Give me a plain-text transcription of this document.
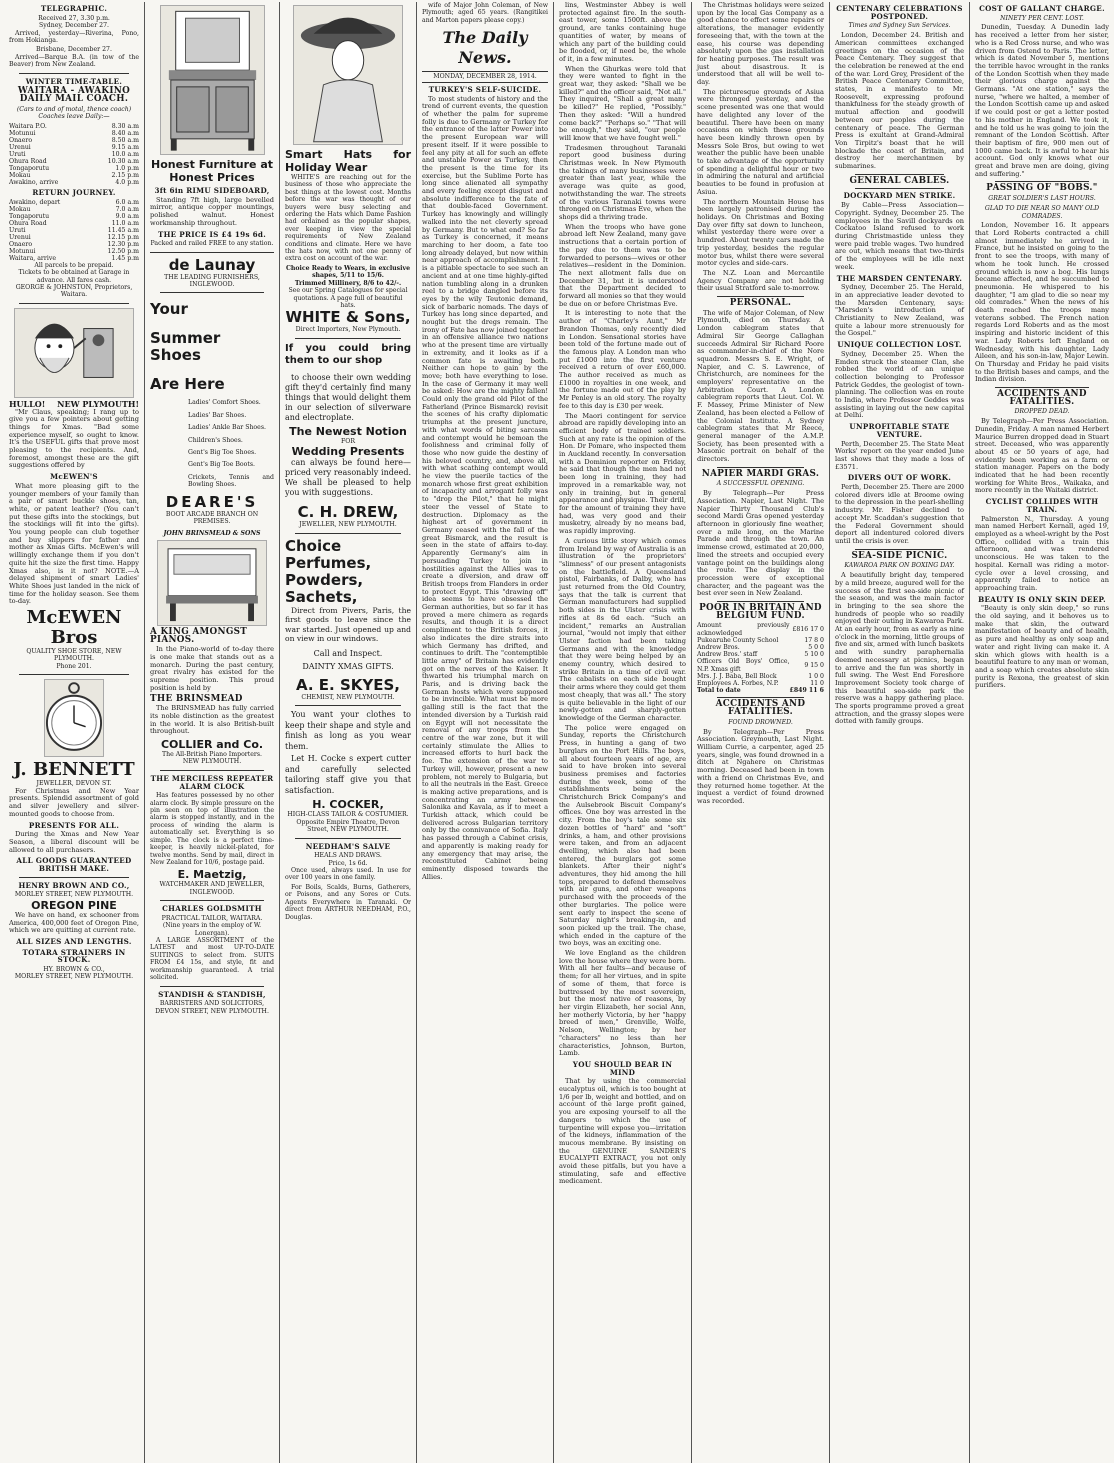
TELEGRAPHIC.
Received 27, 3.30 p.m.
Sydney, December 27.
Arrived, yesterday—Riverina, Pono, from Hokianga.
Brisbane, December 27.
Arrived—Barque B.A. (in tow of the Beaver) from New Zealand.
WINTER TIME-TABLE.
WAITARA - AWAKINO DAILY MAIL COACH.
(Cars to and of motal, thence coach) Coaches leave Daily:—
Waitara P.O.	8.30 a.m
Motunui	8.40 a.m
Onaero	8.50 a.m
Urenui	9.15 a.m
Uruti	10.0 a.m
Ohura Road	10.30 a.m
Tongaporutu	1.0 p.m
Mokau	2.15 p.m
Awakino, arrive	4.0 p.m
RETURN JOURNEY.
Awakino, depart	6.0 a.m
Mokau	7.0 a.m
Tongaporutu	9.0 a.m
Ohura Road	11.0 a.m
Uruti	11.45 a.m
Urenui	12.15 p.m
Onaero	12.30 p.m
Motunui	12.50 p.m
Waitara, arrive	1.45 p.m
All parcels to be prepaid.
Tickets to be obtained at Garage in advance. All fares cash.
GEORGE & JOHNSTON, Proprietors, Waitara.
HULLO! NEW PLYMOUTH!
"Mr Claus, speaking; I rang up to give you a few pointers about getting things for Xmas. "Bad some experience myself, so ought to know. It's the USEFUL gifts that prove most pleasing to the recipients. And, foremost, amongst these are the gift suggestions offered by
McEWEN'S
What more pleasing gift to the younger members of your family than a pair of smart buckle shoes, tan, white, or patent leather? (You can't put these gifts into the stockings, but the stockings will fit into the gifts). You young people can club together and buy slippers for father and mother as Xmas Gifts. McEwen's will willingly exchange them if you don't quite hit the size the first time. Happy Xmas also, is it not? NOTE.—A delayed shipment of smart Ladies' White Shoes just landed in the nick of time for the holiday season. See them to-day.
McEWEN Bros
QUALITY SHOE STORE, NEW PLYMOUTH.
Phone 201.
J. BENNETT
JEWELLER, DEVON ST.
For Christmas and New Year presents. Splendid assortment of gold and silver jewellery and silver-mounted goods to choose from.
PRESENTS FOR ALL.
During the Xmas and New Year Season, a liberal discount will be allowed to all purchasers.
ALL GOODS GUARANTEED BRITISH MAKE.
HENRY BROWN AND CO.,
MORLEY STREET, NEW PLYMOUTH.
OREGON PINE
We have on hand, ex schooner from America, 400,000 feet of Oregon Pine, which we are quitting at current rate.
ALL SIZES AND LENGTHS.
TOTARA STRAINERS IN STOCK.
HY. BROWN & CO.,
MORLEY STREET, NEW PLYMOUTH.
Honest Furniture at Honest Prices
3ft 6in RIMU SIDEBOARD,
Standing 7ft high, large bevelled mirror, antique copper mountings, polished walnut. Honest workmanship throughout.
THE PRICE IS £4 19s 6d.
Packed and railed FREE to any station.
de Launay
THE LEADING FURNISHERS, INGLEWOOD.
Your
Summer Shoes
Are Here
Ladies' Comfort Shoes.
Ladies' Bar Shoes.
Ladies' Ankle Bar Shoes.
Children's Shoes.
Gent's Big Toe Shoes.
Gent's Big Toe Boots.
Crickets, Tennis and Bowling Shoes.
DEARE'S
BOOT ARCADE BRANCH ON PREMISES.
JOHN BRINSMEAD & SONS
A KING AMONGST PIANOS.
In the Piano-world of to-day there is one make that stands out as a monarch. During the past century, great rivalry has existed for the supreme position. This proud position is held by
THE BRINSMEAD
The BRINSMEAD has fully carried its noble distinction as the greatest in the world. It is also British-built throughout.
COLLIER and Co.
The All-British Piano Importers.
NEW PLYMOUTH.
THE MERCILESS REPEATER ALARM CLOCK
Has features possessed by no other alarm clock. By simple pressure on the pin seen on top of illustration the alarm is stopped instantly, and in the process of winding the alarm is automatically set. Everything is so simple. The clock is a perfect time-keeper, is heavily nickel-plated, for twelve months. Send by mail, direct in New Zealand for 10/6, postage paid.
E. Maetzig,
WATCHMAKER AND JEWELLER, INGLEWOOD.
CHARLES GOLDSMITH
PRACTICAL TAILOR, WAITARA.
(Nine years in the employ of W. Lonergan).
A LARGE ASSORTMENT of the LATEST and most UP-TO-DATE SUITINGS to select from. SUITS FROM £4 15s, and style, fit and workmanship guaranteed. A trial solicited.
STANDISH & STANDISH,
BARRISTERS AND SOLICITORS, DEVON STREET, NEW PLYMOUTH.
Smart Hats for Holiday Wear
WHITE'S are reaching out for the business of those who appreciate the best things at the lowest cost. Months before the war was thought of our buyers were busy selecting and ordering the Hats which Dame Fashion had ordained as the popular shapes, ever keeping in view the special requirements of New Zealand conditions and climate. Here we have the hats now, with not one penny of extra cost on account of the war.
Choice Ready to Wears, in exclusive shapes, 5/11 to 15/6.
Trimmed Millinery, 8/6 to 42/-.
See our Spring Catalogues for special quotations. A page full of beautiful hats.
WHITE & Sons,
Direct Importers, New Plymouth.
If you could bring them to our shop
to choose their own wedding gift they'd certainly find many things that would delight them in our selection of silverware and electroplate.
The Newest Notion
FOR
Wedding Presents
can always be found here—priced very reasonably indeed. We shall be pleased to help you with suggestions.
C. H. DREW,
JEWELLER, NEW PLYMOUTH.
Choice Perfumes, Powders, Sachets,
Direct from Pivers, Paris, the first goods to leave since the war started. Just opened up and on view in our windows.
Call and Inspect.
DAINTY XMAS GIFTS.
A. E. SKYES,
CHEMIST, NEW PLYMOUTH.
You want your clothes to keep their shape and style and finish as long as you wear them.
Let H. Cocke s expert cutter and carefully selected tailoring staff give you that satisfaction.
H. COCKER,
HIGH-CLASS TAILOR & COSTUMIER. Opposite Empire Theatre, Devon Street, NEW PLYMOUTH.
NEEDHAM'S SALVE
HEALS AND DRAWS.
Price, 1s 6d.
Once used, always used. In use for over 100 years in one family.
For Boils, Scalds, Burns, Gatherers, or Poisons, and any Sores or Cuts. Agents Everywhere in Taranaki. Or direct from ARTHUR NEEDHAM, P.O., Douglas.
wife of Major John Coleman, of New Plymouth; aged 65 years. (Rangitikei and Marton papers please copy.)
The Daily News.
MONDAY, DECEMBER 28, 1914.
TURKEY'S SELF-SUICIDE.
To most students of history and the trend of current events, the question of whether the palm for supreme folly is due to Germany or Turkey for the entrance of the latter Power into the present European war will present itself. If it were possible to feel any pity at all for such an effete and unstable Power as Turkey, then the present is the time for its exercise, but the Sublime Porte has long since alienated all sympathy and every feeling except disgust and absolute indifference to the fate of that double-faced Government. Turkey has knowingly and willingly walked into the net cleverly spread by Germany. But to what end? So far as Turkey is concerned, it means marching to her doom, a fate too long already delayed, but now within near approach of accomplishment. It is a pitiable spectacle to see such an ancient and at one time highly-gifted nation tumbling along in a drunken reel to a bridge dangled before its eyes by the wily Teutonic demand, sick of barbaric nomads. The days of Turkey has long since departed, and nought but the dregs remain. The irony of Fate has now joined together in an offensive alliance two nations who at the present time are virtually in extremity, and it looks as if a common fate is awaiting both. Neither can hope to gain by the move; both have everything to lose. In the case of Germany it may well be asked: How are the mighty fallen! Could only the grand old Pilot of the Fatherland (Prince Bismarck) revisit the scenes of his crafty diplomatic triumphs at the present juncture, with what words of biting sarcasm and contempt would he bemoan the foolishness and criminal folly of those who now guide the destiny of his beloved country, and, above all, with what scathing contempt would he view the puerile tactics of the monarch whose first great exhibition of incapacity and arrogant folly was to "drop the Pilot," that he might steer the vessel of State to destruction. Diplomacy as the highest art of government in Germany ceased with the fall of the great Bismarck, and the result is seen in the state of affairs to-day. Apparently Germany's aim in persuading Turkey to join in hostilities against the Allies was to create a diversion, and draw off British troops from Flanders in order to protect Egypt. This "drawing off" idea seems to have obsessed the German authorities, but so far it has proved a mere chimera as regards results, and though it is a direct compliment to the British forces, it also indicates the dire straits into which Germany has drifted, and continues to drift. The "contemptible little army" of Britain has evidently got on the nerves of the Kaiser. It thwarted his triumphal march on Paris, and is driving back the German hosts which were supposed to be invincible. What must be more galling still is the fact that the intended diversion by a Turkish raid on Egypt will not necessitate the removal of any troops from the centre of the war zone, but it will certainly stimulate the Allies to increased efforts to hurl back the foe. The extension of the war to Turkey will, however, present a new problem, not merely to Bulgaria, but to all the neutrals in the East. Greece is making active preparations, and is concentrating an army between Salonika and Kavala, as if to meet a Turkish attack, which could be delivered across Bulgarian territory only by the connivance of Sofia. Italy has passed through a Cabinet crisis, and apparently is making ready for any emergency that may arise, the reconstituted Cabinet being eminently disposed towards the Allies.
lins, Westminster Abbey is well protected against fire. In the south-east tower, some 1500ft. above the ground, are tanks containing huge quantities of water, by means of which any part of the building could be flooded, or, if need be, the whole of it, in a few minutes.
When the Ghurkas were told that they were wanted to fight in the great war, they asked: "Shall we be killed?" and the officer said, "Not all." They inquired, "Shall a great many be killed?" He replied, "Possibly." Then they asked: "Will a hundred come back?" "Perhaps so." "That will be enough," they said, "our people will know that we have fought well."
Tradesmen throughout Taranaki report good business during Christmas week. In New Plymouth the takings of many businesses were greater than last year, while the average was quite as good, notwithstanding the war. The streets of the various Taranaki towns were thronged on Christmas Eve, when the shops did a thriving trade.
When the troops who have gone abroad left New Zealand, many gave instructions that a certain portion of the pay due to them was to be forwarded to persons—wives or other relatives—resident in the Dominion. The next allotment falls due on December 31, but it is understood that the Department decided to forward all monies so that they would be due on or before Christmas Eve.
It is interesting to note that the author of "Charley's Aunt," Mr Brandon Thomas, only recently died in London. Sensational stories have been told of the fortune made out of the famous play. A London man who put £1000 into the first venture received a return of over £60,000. The author received as much as £1000 in royalties in one week, and the fortune made out of the play by Mr Penley is an old story. The royalty fee to this day is £30 per week.
The Maori contingent for service abroad are rapidly developing into an efficient body of trained soldiers. Such at any rate is the opinion of the Hon. Dr Pomare, who inspected them in Auckland recently. In conversation with a Dominion reporter on Friday, he said that though the men had not been long in training, they had improved in a remarkable way, not only in training, but in general appearance and physique. Their drill, for the amount of training they have had, was very good and their musketry, already by no means bad, was rapidly improving.
A curious little story which comes from Ireland by way of Australia is an illustration of the proprietors' "slimness" of our present antagonists on the battlefield. A Queensland pistol, Fairbanks, of Dalby, who has just returned from the Old Country, says that the talk is current that German manufacturers had supplied both sides in the Ulster crisis with rifles at 8s 6d each. "Such an incident," remarks an Australian journal, "would not imply that either Ulster faction had been taking Germans and with the knowledge that they were being helped by an enemy country, which desired to strike Britain in a time of civil war. The cabalists on each side bought their arms where they could get them most cheaply, that was all." The story is quite believable in the light of our newly-gotten and sharply-gotten knowledge of the German character.
The police were engaged on Sunday, reports the Christchurch Press, in hunting a gang of two burglars on the Port Hills. The boys, all about fourteen years of age, are said to have broken into several business premises and factories during the week, some of the establishments being the Christchurch Brick Company's and the Aulsebrook Biscuit Company's offices. One boy was arrested in the city. From the boy's tale some six dozen bottles of "hard" and "soft" drinks, a ham, and other provisions were taken, and from an adjacent dwelling, which also had been entered, the burglars got some blankets. After their night's adventures, they hid among the hill tops, prepared to defend themselves with air guns, and other weapons purchased with the proceeds of the other burglaries. The police were sent early to inspect the scene of Saturday night's breaking-in, and soon picked up the trail. The chase, which ended in the capture of the two boys, was an exciting one.
We love England as the children love the house where they were born. With all her faults—and because of them; for all her virtues, and in spite of some of them, that force is buttressed by the most sovereign, but the most native of reasons, by her virgin Elizabeth, her social Ann, her motherly Victoria, by her "happy breed of men," Grenville, Wolfe, Nelson, Wellington; by her "characters" no less than her characteristics, Johnson, Burton, Lamb.
YOU SHOULD BEAR IN MIND
That by using the commercial eucalyptus oil, which is too bought at 1/6 per lb, weight and bottled, and on account of the large profit gained, you are exposing yourself to all the dangers to which the use of turpentine will expose you—irritation of the kidneys, inflammation of the mucous membrane. By insisting on the GENUINE SANDER'S EUCALYPTI EXTRACT, you not only avoid these pitfalls, but you have a stimulating, safe and effective medicament.
The Christmas holidays were seized upon by the local Gas Company as a good chance to effect some repairs or alterations, the manager evidently foreseeing that, with the town at the ease, his course was depending absolutely upon the gas installation for heating purposes. The result was just about disastrous. It is understood that all will be well to-day.
The picturesque grounds of Asiua were thronged yesterday, and the scene presented was one that would have delighted any lover of the beautiful. There have been on many occasions on which these grounds have been kindly thrown open by Messrs Sole Bros, but owing to wet weather the public have been unable to take advantage of the opportunity of spending a delightful hour or two in admiring the natural and artificial beauties to be found in profusion at Asiua.
The northern Mountain House has been largely patronised during the holidays. On Christmas and Boxing Day over fifty sat down to luncheon, whilst yesterday there were over a hundred. About twenty cars made the trip yesterday, besides the regular motor bus, whilst there were several motor cycles and side-cars.
The N.Z. Loan and Mercantile Agency Company are not holding their usual Stratford sale to-morrow.
PERSONAL.
The wife of Major Coleman, of New Plymouth, died on Thursday. A London cablegram states that Admiral Sir George Callaghan succeeds Admiral Sir Richard Poore as commander-in-chief of the Nore squadron. Messrs S. E. Wright, of Napier, and C. S. Lawrence, of Christchurch, are nominees for the employers' representative on the Arbitration Court. A London cablegram reports that Lieut. Col. W. F. Massey, Prime Minister of New Zealand, has been elected a Fellow of the Colonial Institute. A Sydney cablegram states that Mr Reece, general manager of the A.M.P. Society, has been presented with a Masonic portrait on behalf of the directors.
NAPIER MARDI GRAS.
A SUCCESSFUL OPENING.
By Telegraph—Per Press Association. Napier, Last Night. The Napier Thirty Thousand Club's second Mardi Gras opened yesterday afternoon in gloriously fine weather, over a mile long, on the Marine Parade and through the town. An immense crowd, estimated at 20,000, lined the streets and occupied every vantage point on the buildings along the route. The display in the procession were of exceptional character, and the pageant was the best ever seen in New Zealand.
POOR IN BRITAIN AND BELGIUM FUND.
Amount previously acknowledged	£816 17 0
Pukearuhe County School	17 8 0
Andrew Bros.	5 0 0
Andrew Bros.' staff	5 10 0
Officers Old Boys' Office, N.P. Xmas gift	9 15 0
Mrs. J. J. Baba, Bell Block	1 0 0
Employees A. Forbes, N.P.	11 0
Total to date	£849 11 6
ACCIDENTS AND FATALITIES.
FOUND DROWNED.
By Telegraph—Per Press Association. Greymouth, Last Night. William Currie, a carpenter, aged 25 years, single, was found drowned in a ditch at Ngahere on Christmas morning. Deceased had been in town with a friend on Christmas Eve, and they returned home together. At the inquest a verdict of found drowned was recorded.
CENTENARY CELEBRATIONS POSTPONED.
Times and Sydney Sun Services.
London, December 24. British and American committees exchanged greetings on the occasion of the Peace Centenary. They suggest that the celebration be renewed at the end of the war. Lord Grey, President of the British Peace Centenary Committee, states, in a manifesto to Mr. Roosevelt, expressing profound thankfulness for the steady growth of mutual affection and goodwill between our peoples during the centenary of peace. The German Press is exultant at Grand-Admiral Von Tirpitz's boast that he will blockade the coast of Britain, and destroy her merchantmen by submarines.
GENERAL CABLES.
DOCKYARD MEN STRIKE.
By Cable—Press Association—Copyright. Sydney, December 25. The employees in the Savill dockyards on Cockatoo Island refused to work during Christmastide unless they were paid treble wages. Two hundred are out, which means that two-thirds of the employees will be idle next week.
THE MARSDEN CENTENARY.
Sydney, December 25. The Herald, in an appreciative leader devoted to the Marsden Centenary, says: "Marsden's introduction of Christianity to New Zealand, was quite a labour more strenuously for the Gospel."
UNIQUE COLLECTION LOST.
Sydney, December 25. When the Emden struck the steamer Clan, she robbed the world of an unique collection belonging to Professor Patrick Geddes, the geologist of town-planning. The collection was en route to India, where Professor Geddes was assisting in laying out the new capital at Delhi.
UNPROFITABLE STATE VENTURE.
Perth, December 25. The State Meat Works' report on the year ended June last shows that they made a loss of £3571.
DIVERS OUT OF WORK.
Perth, December 25. There are 2000 colored divers idle at Broome owing to the depression in the pearl-shelling industry. Mr. Fisher declined to accept Mr. Scaddan's suggestion that the Federal Government should deport all indentured colored divers until the crisis is over.
SEA-SIDE PICNIC.
KAWAROA PARK ON BOXING DAY.
A beautifully bright day, tempered by a mild breeze, augured well for the success of the first sea-side picnic of the season, and was the main factor in bringing to the sea shore the hundreds of people who so readily enjoyed their outing in Kawaroa Park. At an early hour, from as early as nine o'clock in the morning, little groups of five and six, armed with lunch baskets and with sundry paraphernalia deemed necessary at picnics, began to arrive and the fun was shortly in full swing. The West End Foreshore Improvement Society took charge of this beautiful sea-side park the reserve was a happy gathering place. The sports programme proved a great attraction, and the grassy slopes were dotted with family groups.
COST OF GALLANT CHARGE.
NINETY PER CENT. LOST.
Dunedin, Tuesday. A Dunedin lady has received a letter from her sister, who is a Red Cross nurse, and who was driven from Ostend to Paris. The letter, which is dated November 5, mentions the terrible havoc wrought in the ranks of the London Scottish when they made their glorious charge against the Germans. "At one station," says the nurse, "where we halted, a member of the London Scottish came up and asked if we could post or get a letter posted to his mother in England. We took it, and he told us he was going to join the remnant of the London Scottish. After their baptism of fire, 900 men out of 1000 came back. It is awful to hear his account. God only knows what our great and brave men are doing, giving and suffering."
PASSING OF "BOBS."
GREAT SOLDIER'S LAST HOURS.
GLAD TO DIE NEAR SO MANY OLD COMRADES.
London, November 16. It appears that Lord Roberts contracted a chill almost immediately he arrived in France, but he insisted on going to the front to see the troops, with many of whom he took lunch. He crossed ground which is now a bog. His lungs became affected, and he succumbed to pneumonia. He whispered to his daughter, "I am glad to die so near my old comrades." When the news of his death reached the troops many veterans sobbed. The French nation regards Lord Roberts and as the most inspiring and historic incident of this war. Lady Roberts left England on Wednesday, with his daughter, Lady Aileen, and his son-in-law, Major Lewin. On Thursday and Friday he paid visits to the British bases and camps, and the Indian division.
ACCIDENTS AND FATALITIES.
DROPPED DEAD.
By Telegraph—Per Press Association. Dunedin, Friday. A man named Herbert Maurice Burren dropped dead in Stuart street. Deceased, who was apparently about 45 or 50 years of age, had evidently been working as a farm or station manager. Papers on the body indicated that he had been recently working for White Bros., Waikaka, and more recently in the Waitaki district.
CYCLIST COLLIDES WITH TRAIN.
Palmerston N., Thursday. A young man named Herbert Kernall, aged 19, employed as a wheel-wright by the Post Office, collided with a train this afternoon, and was rendered unconscious. He was taken to the hospital. Kernall was riding a motor-cycle over a level crossing, and apparently failed to notice an approaching train.
BEAUTY IS ONLY SKIN DEEP.
"Beauty is only skin deep," so runs the old saying, and it behoves us to make that skin, the outward manifestation of beauty and of health, as pure and healthy as only soap and water and right living can make it. A skin which glows with health is a beautiful feature to any man or woman, and a soap which creates absolute skin purity is Rexona, the greatest of skin purifiers.
